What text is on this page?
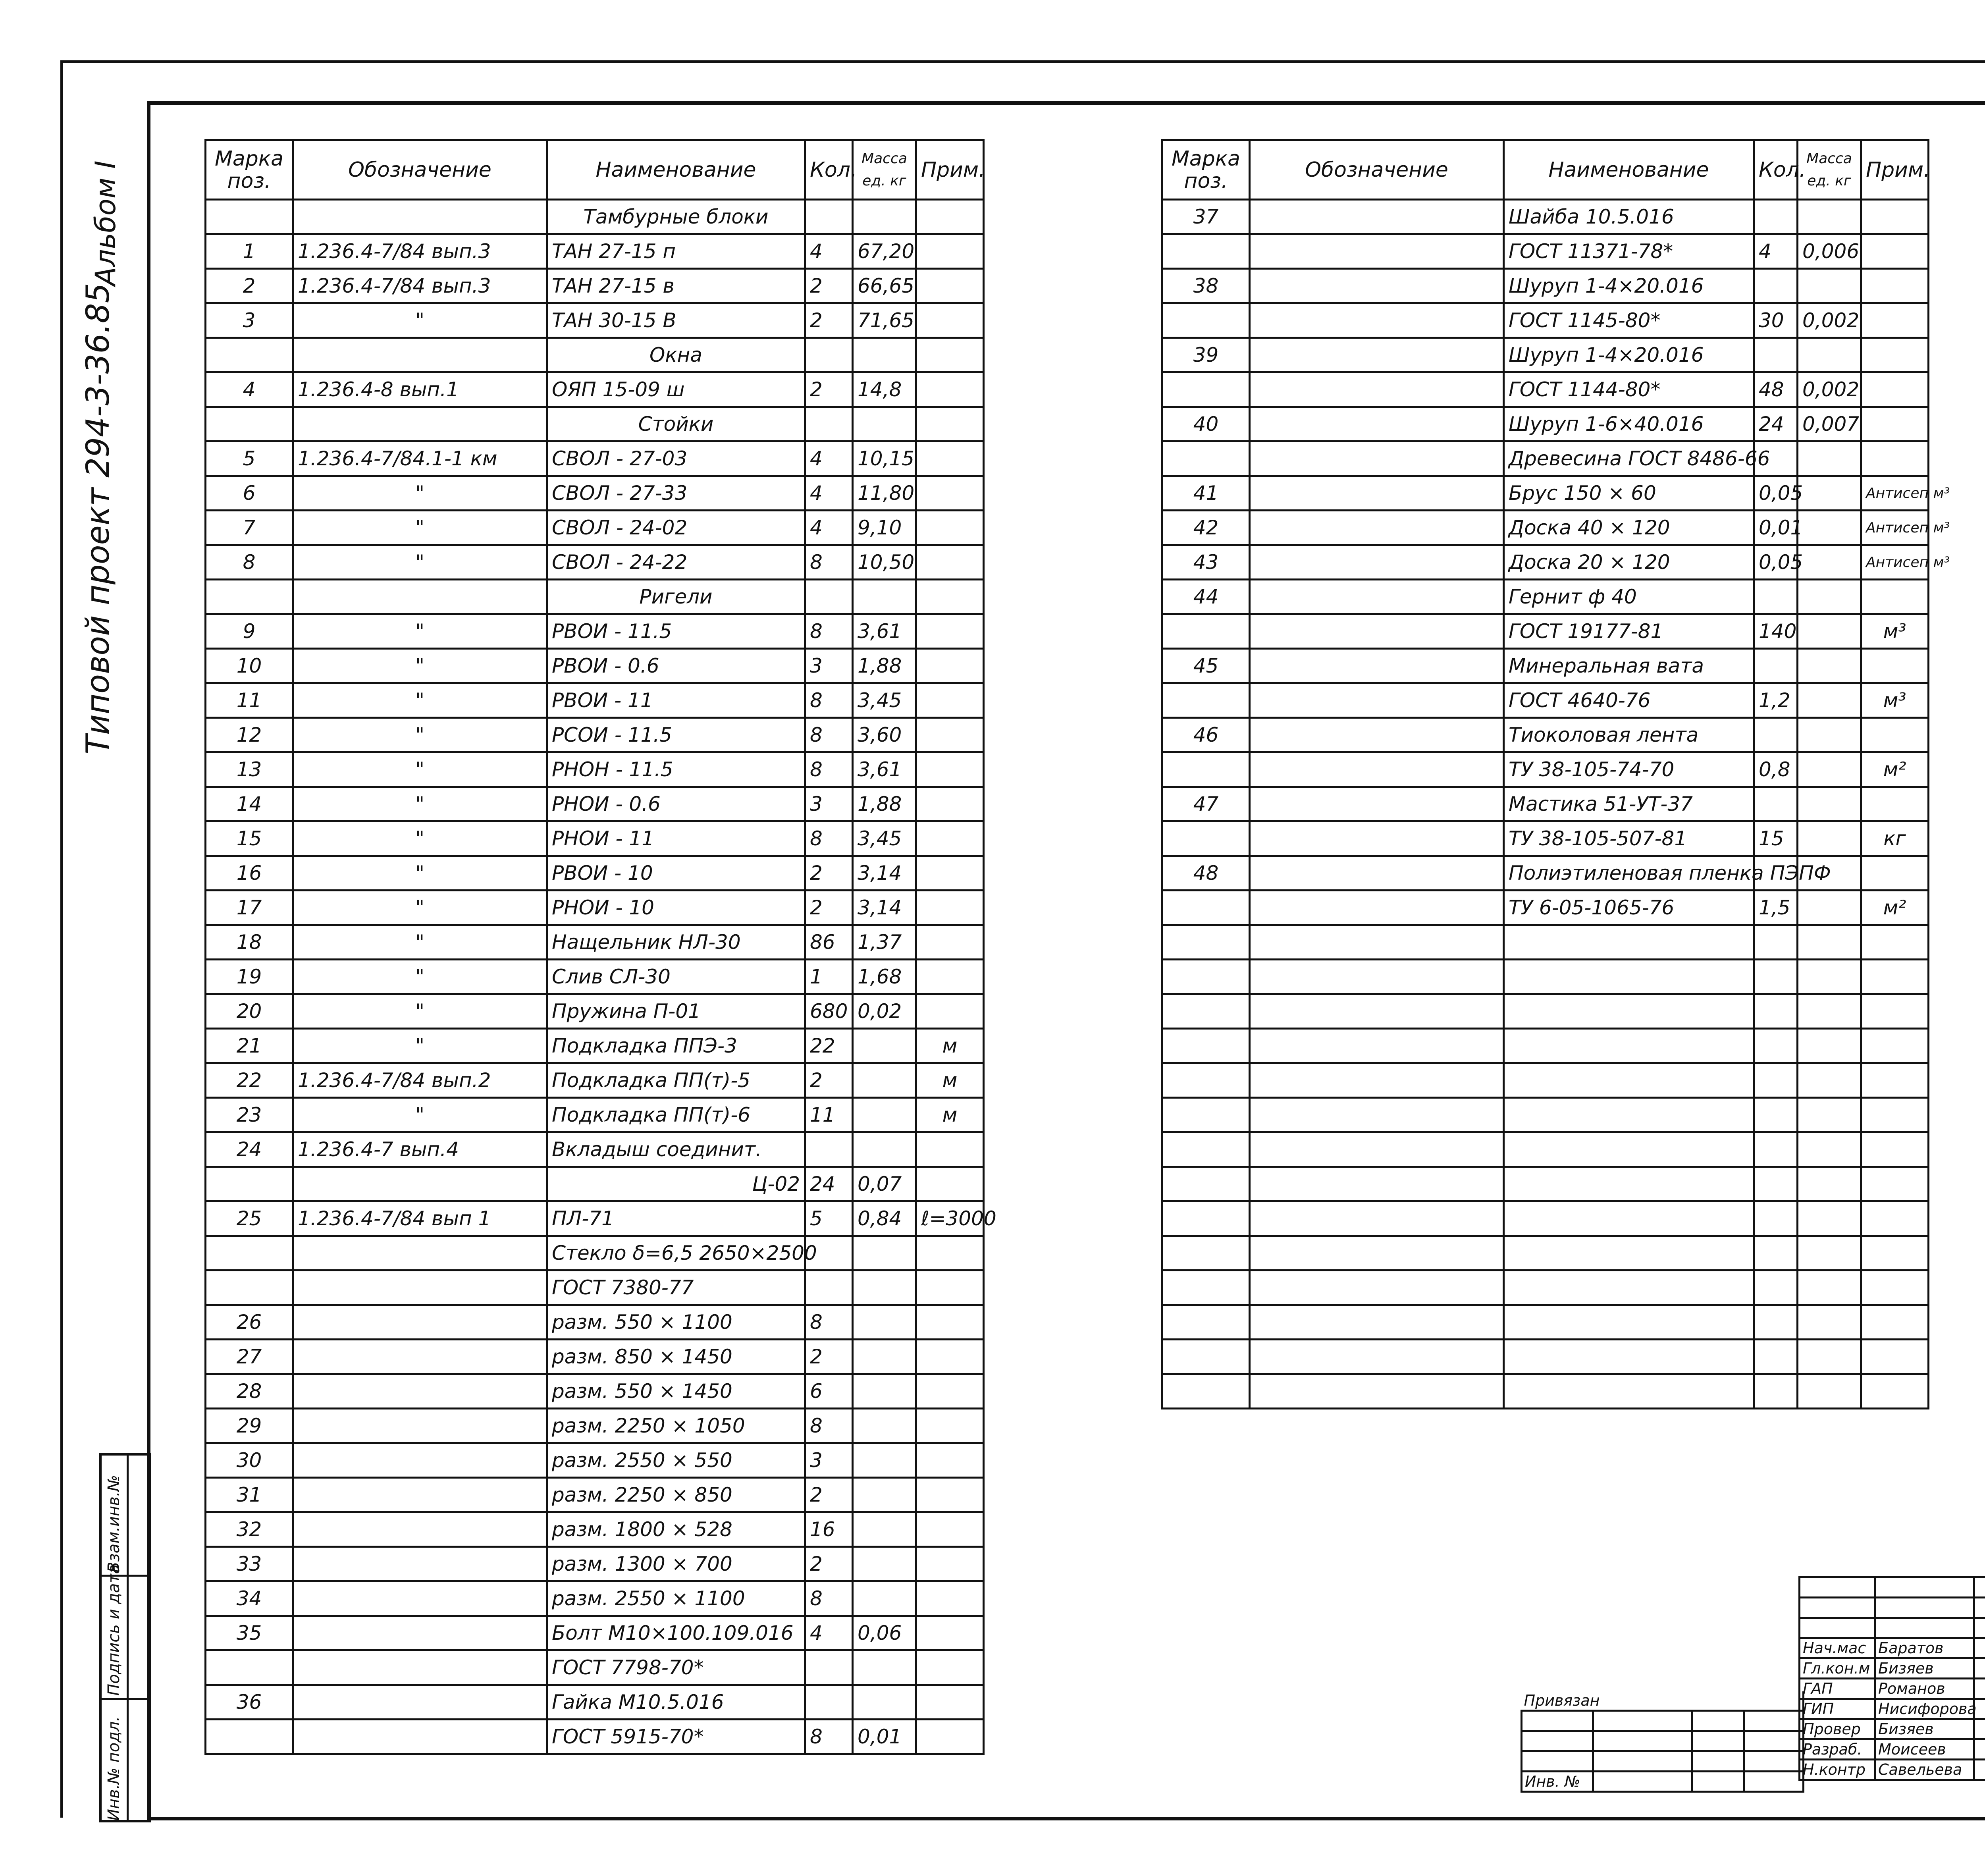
Альбом I
Типовой проект 294-3-36.85
Инв.№ подл.
Подпись и дата
Взам.инв.№
Марка поз.	Обозначение	Наименование	Кол.	Масса ед. кг	Прим.
		Тамбурные блоки			
1	1.236.4-7/84 вып.3	ТАН 27-15 п	4	67,20	
2	1.236.4-7/84 вып.3	ТАН 27-15 в	2	66,65	
3	"	ТАН 30-15 В	2	71,65	
		Окна			
4	1.236.4-8 вып.1	ОЯП 15-09 ш	2	14,8	
		Стойки			
5	1.236.4-7/84.1-1 км	СВОЛ - 27-03	4	10,15	
6	"	СВОЛ - 27-33	4	11,80	
7	"	СВОЛ - 24-02	4	9,10	
8	"	СВОЛ - 24-22	8	10,50	
		Ригели			
9	"	РВОИ - 11.5	8	3,61	
10	"	РВОИ - 0.6	3	1,88	
11	"	РВОИ - 11	8	3,45	
12	"	РСОИ - 11.5	8	3,60	
13	"	РНОН - 11.5	8	3,61	
14	"	РНОИ - 0.6	3	1,88	
15	"	РНОИ - 11	8	3,45	
16	"	РВОИ - 10	2	3,14	
17	"	РНОИ - 10	2	3,14	
18	"	Нащельник НЛ-30	86	1,37	
19	"	Слив СЛ-30	1	1,68	
20	"	Пружина П-01	680	0,02	
21	"	Подкладка ППЭ-3	22		м
22	1.236.4-7/84 вып.2	Подкладка ПП(т)-5	2		м
23	"	Подкладка ПП(т)-6	11		м
24	1.236.4-7 вып.4	Вкладыш соединит.			
		Ц-02	24	0,07	
25	1.236.4-7/84 вып 1	ПЛ-71	5	0,84	ℓ=3000
		Стекло δ=6,5 2650×2500			
		ГОСТ 7380-77			
26		разм. 550 × 1100	8		
27		разм. 850 × 1450	2		
28		разм. 550 × 1450	6		
29		разм. 2250 × 1050	8		
30		разм. 2550 × 550	3		
31		разм. 2250 × 850	2		
32		разм. 1800 × 528	16		
33		разм. 1300 × 700	2		
34		разм. 2550 × 1100	8		
35		Болт М10×100.109.016	4	0,06	
		ГОСТ 7798-70*			
36		Гайка М10.5.016			
		ГОСТ 5915-70*	8	0,01	
Марка поз.	Обозначение	Наименование	Кол.	Масса ед. кг	Прим.
37		Шайба 10.5.016			
		ГОСТ 11371-78*	4	0,006	
38		Шуруп 1-4×20.016			
		ГОСТ 1145-80*	30	0,002	
39		Шуруп 1-4×20.016			
		ГОСТ 1144-80*	48	0,002	
40		Шуруп 1-6×40.016	24	0,007	
		Древесина ГОСТ 8486-66			
41		Брус 150 × 60	0,05		Антисеп м³
42		Доска 40 × 120	0,01		Антисеп м³
43		Доска 20 × 120	0,05		Антисеп м³
44		Гернит ф 40			
		ГОСТ 19177-81	140		м³
45		Минеральная вата			
		ГОСТ 4640-76	1,2		м³
46		Тиоколовая лента			
		ТУ 38-105-74-70	0,8		м²
47		Мастика 51-УТ-37			
		ТУ 38-105-507-81	15		кг
48		Полиэтиленовая пленка ПЭПФ			
		ТУ 6-05-1065-76	1,5		м²

Привязан			

Инв. №			

Нач.мас	Баратов		
Гл.кон.м	Бизяев		
ГАП	Романов		
ГИП	Нисифорова		
Провер	Бизяев		
Разраб.	Моисеев		
Н.контр	Савельева		
